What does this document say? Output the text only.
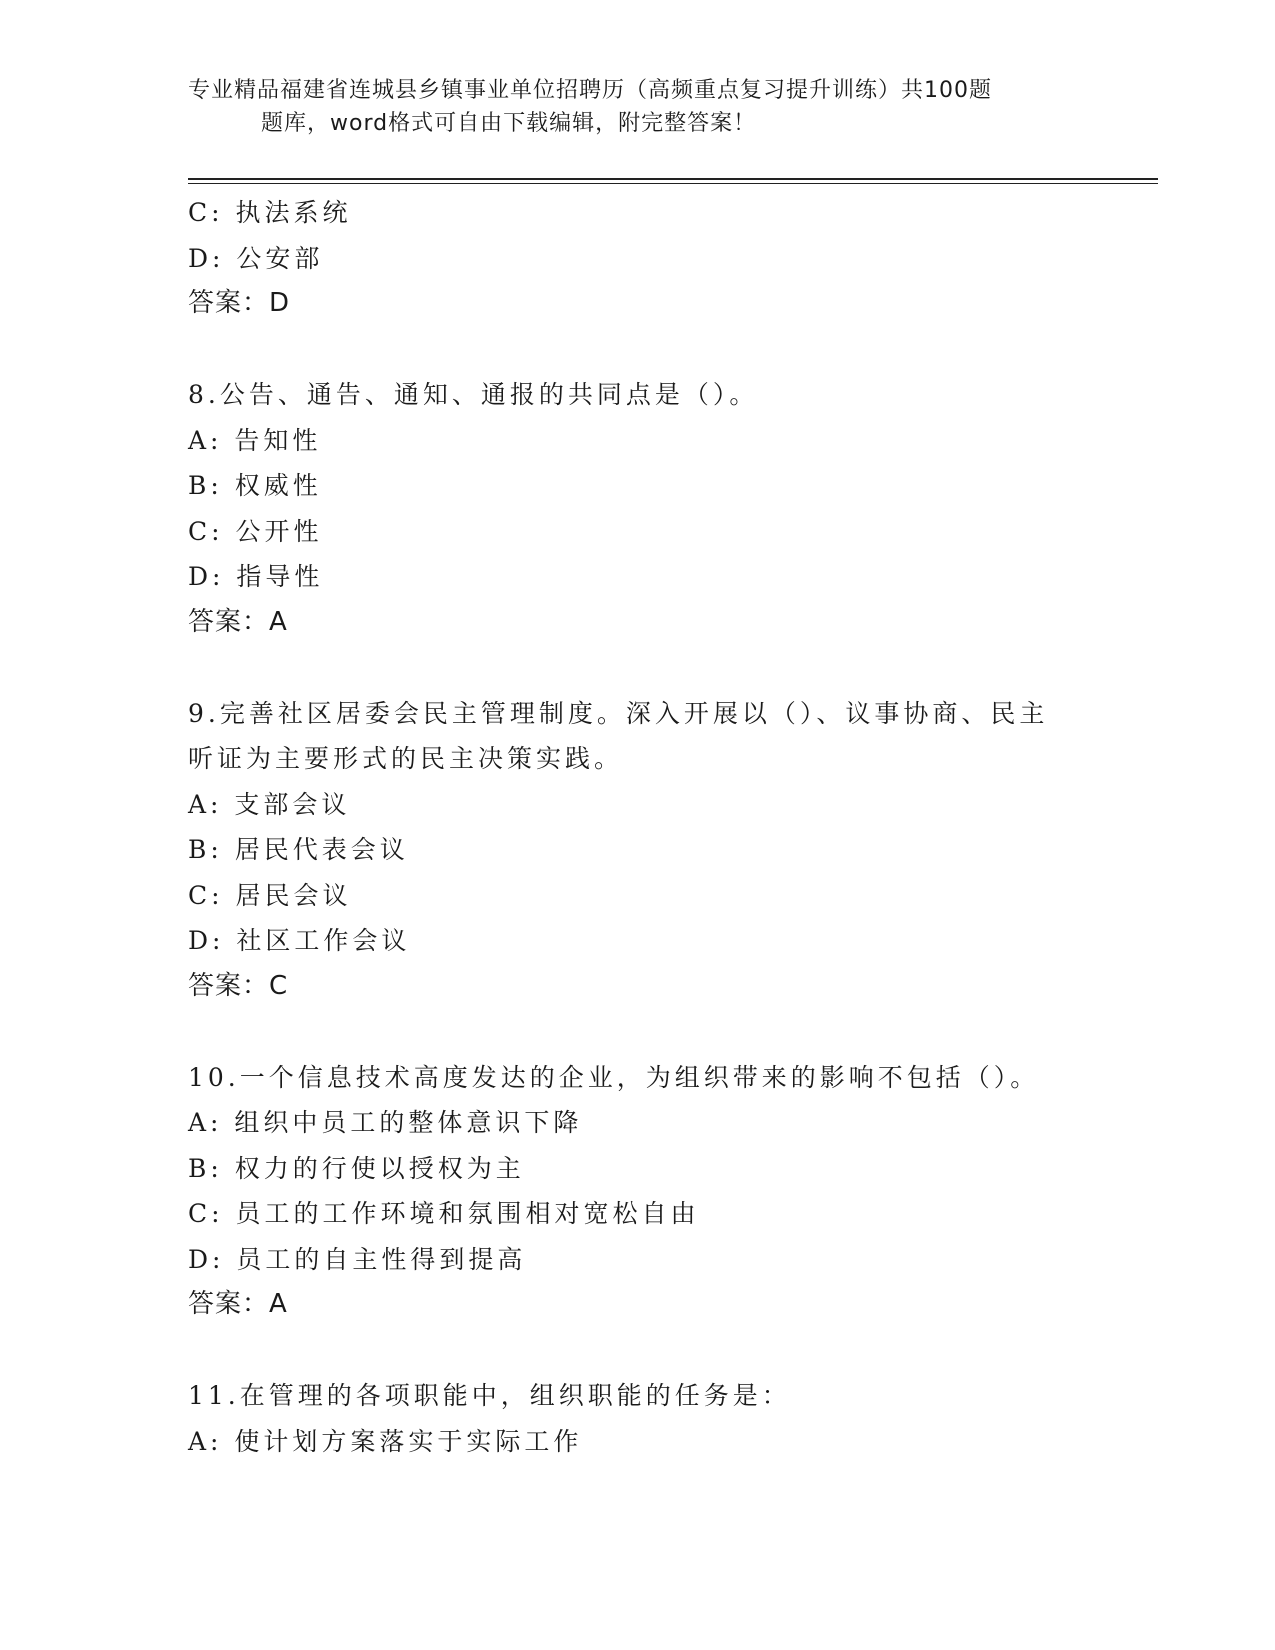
专业精品福建省连城县乡镇事业单位招聘历（高频重点复习提升训练）共100题
题库，word格式可自由下载编辑，附完整答案！
C: 执法系统
D: 公安部
答案：D
8.公告、通告、通知、通报的共同点是（）。
A: 告知性
B: 权威性
C: 公开性
D: 指导性
答案：A
9.完善社区居委会民主管理制度。深入开展以（）、议事协商、民主
听证为主要形式的民主决策实践。
A: 支部会议
B: 居民代表会议
C: 居民会议
D: 社区工作会议
答案：C
10.一个信息技术高度发达的企业，为组织带来的影响不包括（）。
A: 组织中员工的整体意识下降
B: 权力的行使以授权为主
C: 员工的工作环境和氛围相对宽松自由
D: 员工的自主性得到提高
答案：A
11.在管理的各项职能中，组织职能的任务是：
A: 使计划方案落实于实际工作
